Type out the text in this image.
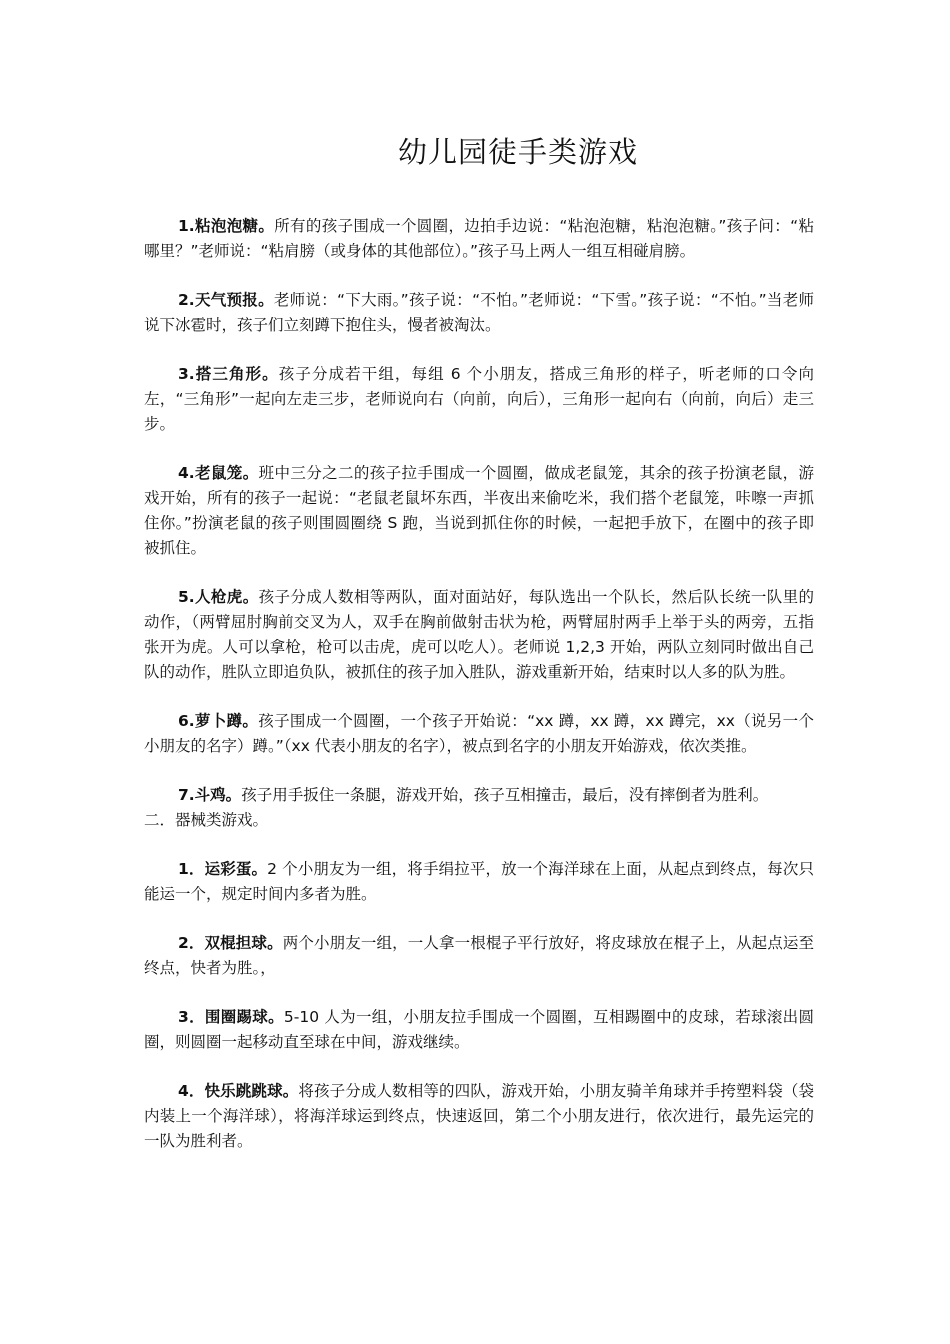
幼儿园徒手类游戏

1.粘泡泡糖。所有的孩子围成一个圆圈，边拍手边说：“粘泡泡糖，粘泡泡糖。”孩子问：“粘哪里？”老师说：“粘肩膀（或身体的其他部位）。”孩子马上两人一组互相碰肩膀。

2.天气预报。老师说：“下大雨。”孩子说：“不怕。”老师说：“下雪。”孩子说：“不怕。”当老师说下冰雹时，孩子们立刻蹲下抱住头，慢者被淘汰。

3.搭三角形。孩子分成若干组，每组 6 个小朋友，搭成三角形的样子，听老师的口令向左，“三角形”一起向左走三步，老师说向右（向前，向后），三角形一起向右（向前，向后）走三步。

4.老鼠笼。班中三分之二的孩子拉手围成一个圆圈，做成老鼠笼，其余的孩子扮演老鼠，游戏开始，所有的孩子一起说：“老鼠老鼠坏东西，半夜出来偷吃米，我们搭个老鼠笼，咔嚓一声抓住你。”扮演老鼠的孩子则围圆圈绕 S 跑，当说到抓住你的时候，一起把手放下，在圈中的孩子即被抓住。

5.人枪虎。孩子分成人数相等两队，面对面站好，每队选出一个队长，然后队长统一队里的动作，（两臂屈肘胸前交叉为人，双手在胸前做射击状为枪，两臂屈肘两手上举于头的两旁，五指张开为虎。人可以拿枪，枪可以击虎，虎可以吃人）。老师说 1,2,3 开始，两队立刻同时做出自己队的动作，胜队立即追负队，被抓住的孩子加入胜队，游戏重新开始，结束时以人多的队为胜。

6.萝卜蹲。孩子围成一个圆圈，一个孩子开始说：“xx 蹲，xx 蹲，xx 蹲完，xx（说另一个小朋友的名字）蹲。”（xx 代表小朋友的名字），被点到名字的小朋友开始游戏，依次类推。

7.斗鸡。孩子用手扳住一条腿，游戏开始，孩子互相撞击，最后，没有摔倒者为胜利。

二．器械类游戏。

1．运彩蛋。2 个小朋友为一组，将手绢拉平，放一个海洋球在上面，从起点到终点，每次只能运一个，规定时间内多者为胜。

2．双棍担球。两个小朋友一组，一人拿一根棍子平行放好，将皮球放在棍子上，从起点运至终点，快者为胜。，

3．围圈踢球。5-10 人为一组，小朋友拉手围成一个圆圈，互相踢圈中的皮球，若球滚出圆圈，则圆圈一起移动直至球在中间，游戏继续。

4．快乐跳跳球。将孩子分成人数相等的四队，游戏开始，小朋友骑羊角球并手挎塑料袋（袋内装上一个海洋球），将海洋球运到终点，快速返回，第二个小朋友进行，依次进行，最先运完的一队为胜利者。
